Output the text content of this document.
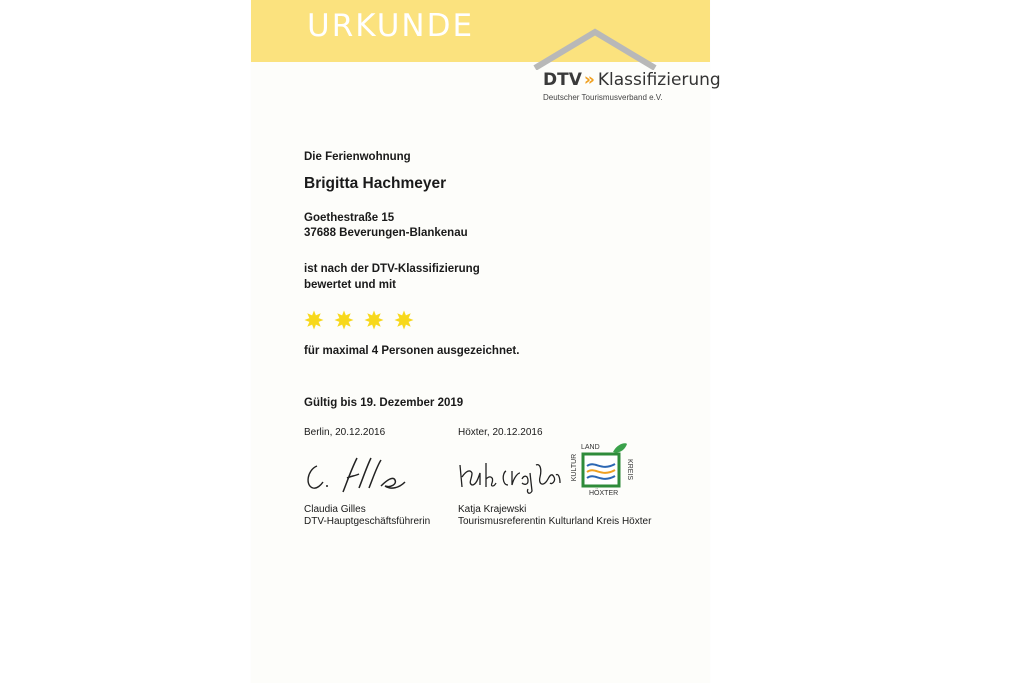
URKUNDE
DTV » Klassifizierung
Deutscher Tourismusverband e.V.
Die Ferienwohnung
Brigitta Hachmeyer
Goethestraße 15
37688 Beverungen-Blankenau
ist nach der DTV-Klassifizierung
bewertet und mit
für maximal 4 Personen ausgezeichnet.
Gültig bis 19. Dezember 2019
Berlin, 20.12.2016	Höxter, 20.12.2016
LAND
KULTUR	KREIS
HÖXTER
Claudia Gilles
DTV-Hauptgeschäftsführerin
Katja Krajewski
Tourismusreferentin Kulturland Kreis Höxter
